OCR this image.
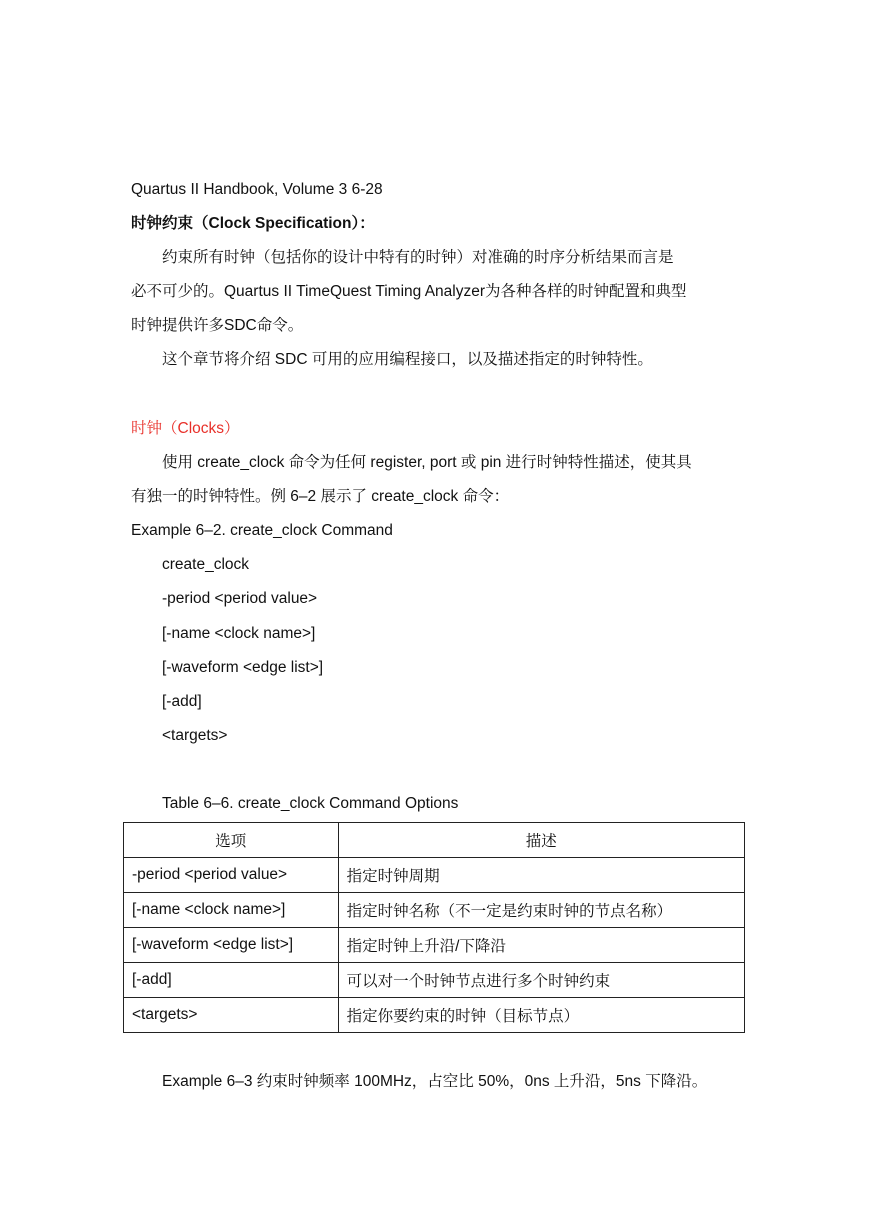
Quartus II Handbook, Volume 3 6-28
时钟约束（Clock Specification）：
约束所有时钟（包括你的设计中特有的时钟）对准确的时序分析结果而言是
必不可少的。Quartus II TimeQuest Timing Analyzer为各种各样的时钟配置和典型
时钟提供许多SDC命令。
这个章节将介绍 SDC 可用的应用编程接口，以及描述指定的时钟特性。
时钟（Clocks）
使用 create_clock 命令为任何 register, port 或 pin 进行时钟特性描述，使其具
有独一的时钟特性。例 6–2 展示了 create_clock 命令：
Example 6–2. create_clock Command
create_clock
-period <period value>
[-name <clock name>]
[-waveform <edge list>]
[-add]
<targets>
Table 6–6. create_clock Command Options
选项	描述
-period <period value>	指定时钟周期
[-name <clock name>]	指定时钟名称（不一定是约束时钟的节点名称）
[-waveform <edge list>]	指定时钟上升沿/下降沿
[-add]	可以对一个时钟节点进行多个时钟约束
<targets>	指定你要约束的时钟（目标节点）
Example 6–3 约束时钟频率 100MHz，占空比 50%，0ns 上升沿，5ns 下降沿。
